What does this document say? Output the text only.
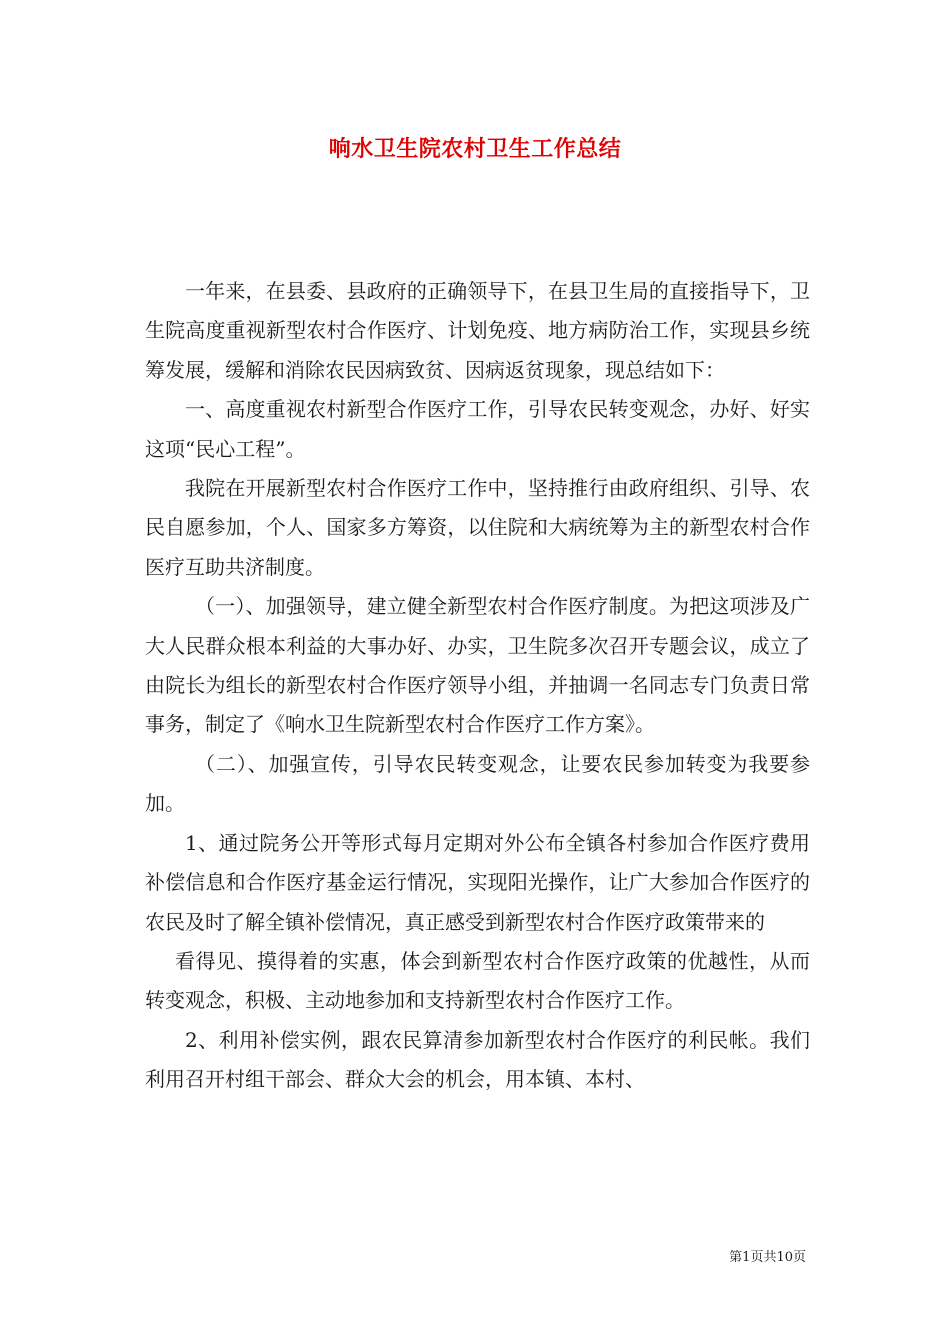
响水卫生院农村卫生工作总结

一年来，在县委、县政府的正确领导下，在县卫生局的直接指导下，卫生院高度重视新型农村合作医疗、计划免疫、地方病防治工作，实现县乡统筹发展，缓解和消除农民因病致贫、因病返贫现象，现总结如下：

一、高度重视农村新型合作医疗工作，引导农民转变观念，办好、好实这项“民心工程”。

我院在开展新型农村合作医疗工作中，坚持推行由政府组织、引导、农民自愿参加，个人、国家多方筹资，以住院和大病统筹为主的新型农村合作医疗互助共济制度。

（一）、加强领导，建立健全新型农村合作医疗制度。为把这项涉及广大人民群众根本利益的大事办好、办实，卫生院多次召开专题会议，成立了由院长为组长的新型农村合作医疗领导小组，并抽调一名同志专门负责日常事务，制定了《响水卫生院新型农村合作医疗工作方案》。

（二）、加强宣传，引导农民转变观念，让要农民参加转变为我要参加。

1、通过院务公开等形式每月定期对外公布全镇各村参加合作医疗费用补偿信息和合作医疗基金运行情况，实现阳光操作，让广大参加合作医疗的农民及时了解全镇补偿情况，真正感受到新型农村合作医疗政策带来的

看得见、摸得着的实惠，体会到新型农村合作医疗政策的优越性，从而转变观念，积极、主动地参加和支持新型农村合作医疗工作。

2、利用补偿实例，跟农民算清参加新型农村合作医疗的利民帐。我们利用召开村组干部会、群众大会的机会，用本镇、本村、

第1页共10页
